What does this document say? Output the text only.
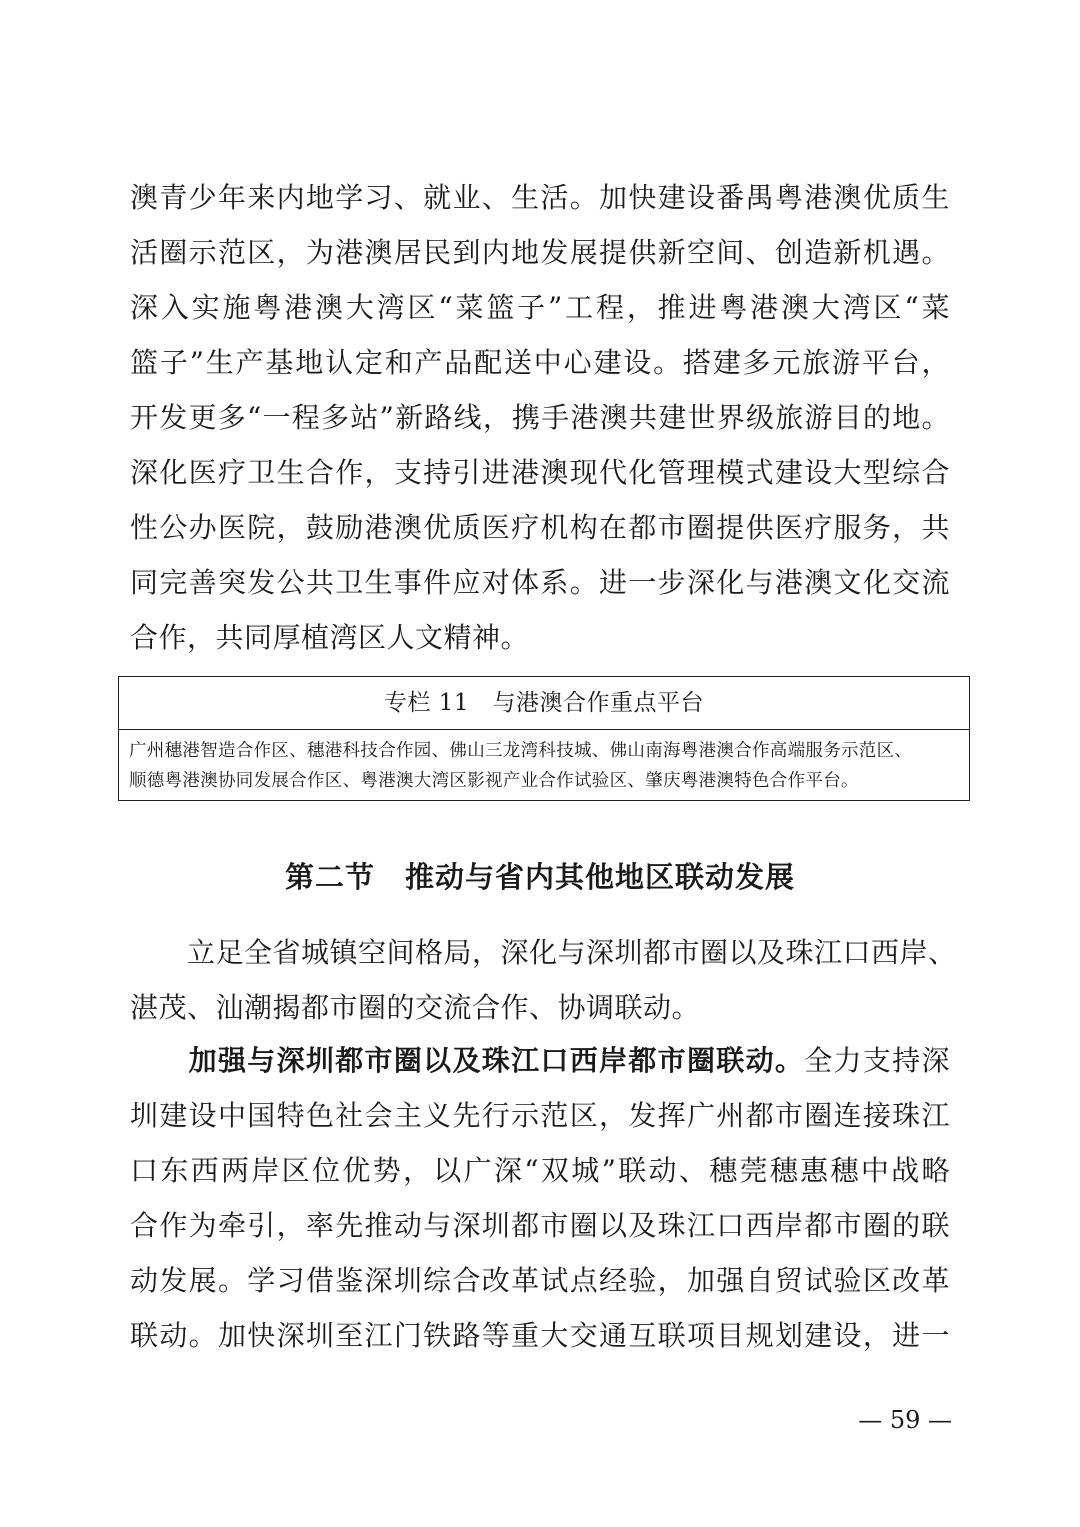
澳青少年来内地学习、就业、生活。加快建设番禺粤港澳优质生
活圈示范区，为港澳居民到内地发展提供新空间、创造新机遇。
深入实施粤港澳大湾区“菜篮子”工程，推进粤港澳大湾区“菜
篮子”生产基地认定和产品配送中心建设。搭建多元旅游平台，
开发更多“一程多站”新路线，携手港澳共建世界级旅游目的地。
深化医疗卫生合作，支持引进港澳现代化管理模式建设大型综合
性公办医院，鼓励港澳优质医疗机构在都市圈提供医疗服务，共
同完善突发公共卫生事件应对体系。进一步深化与港澳文化交流
合作，共同厚植湾区人文精神。
专栏 11　与港澳合作重点平台
广州穗港智造合作区、穗港科技合作园、佛山三龙湾科技城、佛山南海粤港澳合作高端服务示范区、
顺德粤港澳协同发展合作区、粤港澳大湾区影视产业合作试验区、肇庆粤港澳特色合作平台。
第二节　推动与省内其他地区联动发展
　　立足全省城镇空间格局，深化与深圳都市圈以及珠江口西岸、
湛茂、汕潮揭都市圈的交流合作、协调联动。
　　加强与深圳都市圈以及珠江口西岸都市圈联动。全力支持深
圳建设中国特色社会主义先行示范区，发挥广州都市圈连接珠江
口东西两岸区位优势，以广深“双城”联动、穗莞穗惠穗中战略
合作为牵引，率先推动与深圳都市圈以及珠江口西岸都市圈的联
动发展。学习借鉴深圳综合改革试点经验，加强自贸试验区改革
联动。加快深圳至江门铁路等重大交通互联项目规划建设，进一
— 59 —
